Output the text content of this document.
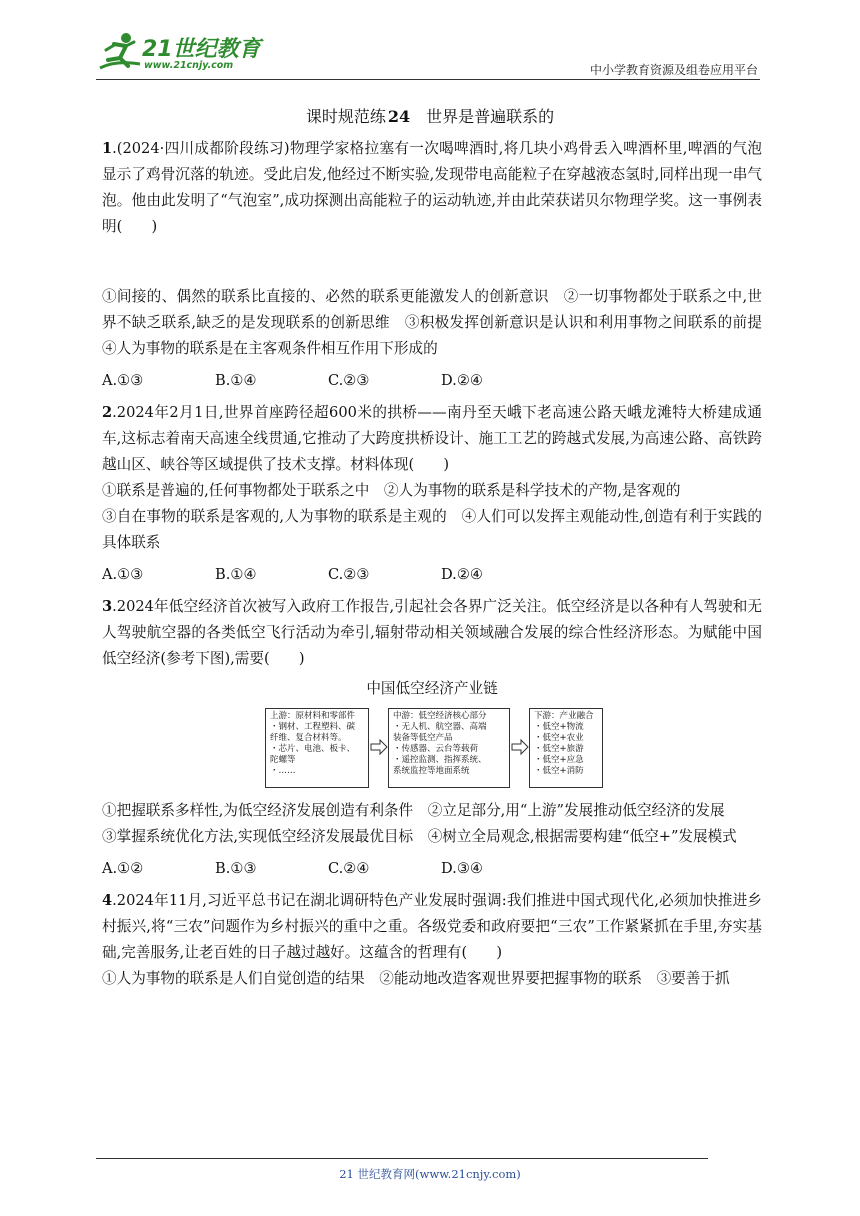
21世纪教育
www.21cnjy.com	中小学教育资源及组卷应用平台
课时规范练 24 世界是普遍联系的

1.(2024·四川成都阶段练习)物理学家格拉塞有一次喝啤酒时,将几块小鸡骨丢入啤酒杯里,啤酒的气泡显示了鸡骨沉落的轨迹。受此启发,他经过不断实验,发现带电高能粒子在穿越液态氢时,同样出现一串气泡。他由此发明了“气泡室”,成功探测出高能粒子的运动轨迹,并由此荣获诺贝尔物理学奖。这一事例表明(　　)

①间接的、偶然的联系比直接的、必然的联系更能激发人的创新意识　②一切事物都处于联系之中,世界不缺乏联系,缺乏的是发现联系的创新思维　③积极发挥创新意识是认识和利用事物之间联系的前提　④人为事物的联系是在主客观条件相互作用下形成的

A.①③	B.①④	C.②③	D.②④

2.2024年2月1日,世界首座跨径超600米的拱桥——南丹至天峨下老高速公路天峨龙滩特大桥建成通车,这标志着南天高速全线贯通,它推动了大跨度拱桥设计、施工工艺的跨越式发展,为高速公路、高铁跨越山区、峡谷等区域提供了技术支撑。材料体现(　　)

①联系是普遍的,任何事物都处于联系之中　②人为事物的联系是科学技术的产物,是客观的

③自在事物的联系是客观的,人为事物的联系是主观的　④人们可以发挥主观能动性,创造有利于实践的具体联系

A.①③	B.①④	C.②③	D.②④

3.2024年低空经济首次被写入政府工作报告,引起社会各界广泛关注。低空经济是以各种有人驾驶和无人驾驶航空器的各类低空飞行活动为牵引,辐射带动相关领域融合发展的综合性经济形态。为赋能中国低空经济(参考下图),需要(　　)

中国低空经济产业链
上游：原材料和零部件
・钢材、工程塑料、碳
纤维、复合材料等。
・芯片、电池、板卡、
陀螺等
・……
中游：低空经济核心部分
・无人机、航空器、高端
装备等低空产品
・传感器、云台等载荷
・遥控监测、指挥系统、
系统监控等地面系统
下游：产业融合
・低空+物流
・低空+农业
・低空+旅游
・低空+应急
・低空+消防

①把握联系多样性,为低空经济发展创造有利条件　②立足部分,用“上游”发展推动低空经济的发展

③掌握系统优化方法,实现低空经济发展最优目标　④树立全局观念,根据需要构建“低空+”发展模式

A.①②	B.①③	C.②④	D.③④

4.2024年11月,习近平总书记在湖北调研特色产业发展时强调:我们推进中国式现代化,必须加快推进乡村振兴,将“三农”问题作为乡村振兴的重中之重。各级党委和政府要把“三农”工作紧紧抓在手里,夯实基础,完善服务,让老百姓的日子越过越好。这蕴含的哲理有(　　)

①人为事物的联系是人们自觉创造的结果　②能动地改造客观世界要把握事物的联系　③要善于抓

21 世纪教育网(www.21cnjy.com)
